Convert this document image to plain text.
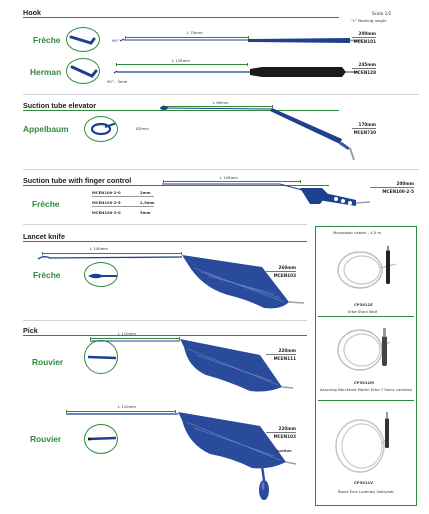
Hook	Scale 1/2
"L" Working length
Frèche	90°
L 70mm	200mm
MCEN101
Herman
90° - 3mm
L 135mm
245mm
MCEN128
Suction tube elevator
Appelbaum	Ø2mm
L 65mm
170mm
MCEN730
Suction tube with finger control
Frèche
MCEN100-2-0	2mm
MCEN100-2-5	2,5mm
MCEN100-3-0	3mm
L 145mm
200mm
MCEN100-2-5
Lancet knife
L 140mm
Frèche
260mm
MCEN103
Pick	L 110mm
Rouvier
220mm
MCEN111
L 110mm
Rouvier
220mm
MCEN102
suction
Monopolar cables - 4,5 m
CP3911E
Erbe Storz Wolf
CP3911M
Aesculap Berchtold Martin Erbe T Sonic Lamidey
CP3911V
Bovie Emc Lamidey Valleylab
